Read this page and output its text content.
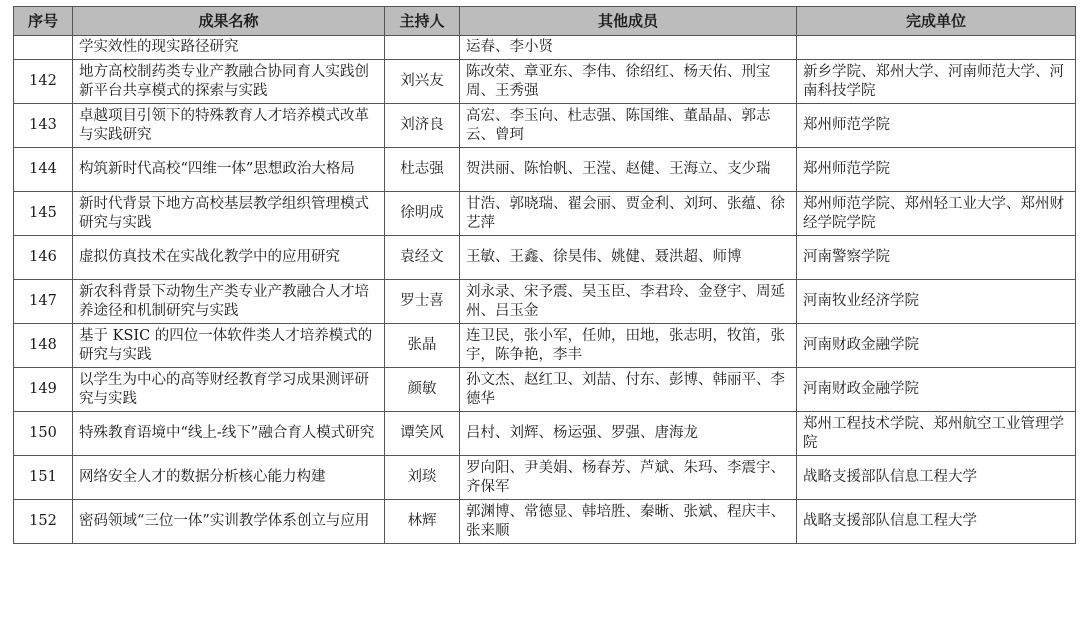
序号	成果名称	主持人	其他成员	完成单位
	学实效性的现实路径研究		运春、李小贤	
142	地方高校制药类专业产教融合协同育人实践创新平台共享模式的探索与实践	刘兴友	陈改荣、章亚东、李伟、徐绍红、杨天佑、刑宝周、王秀强	新乡学院、郑州大学、河南师范大学、河南科技学院
143	卓越项目引领下的特殊教育人才培养模式改革与实践研究	刘济良	高宏、李玉向、杜志强、陈国维、董晶晶、郭志云、曾珂	郑州师范学院
144	构筑新时代高校“四维一体”思想政治大格局	杜志强	贺洪丽、陈怡帆、王滢、赵健、王海立、支少瑞	郑州师范学院
145	新时代背景下地方高校基层教学组织管理模式研究与实践	徐明成	甘浩、郭晓瑞、翟会丽、贾金利、刘珂、张蕴、徐艺萍	郑州师范学院、郑州轻工业大学、郑州财经学院学院
146	虚拟仿真技术在实战化教学中的应用研究	袁经文	王敏、王鑫、徐昊伟、姚健、聂洪超、师博	河南警察学院
147	新农科背景下动物生产类专业产教融合人才培养途径和机制研究与实践	罗士喜	刘永录、宋予震、吴玉臣、李君玲、金登宇、周延州、吕玉金	河南牧业经济学院
148	基于 KSIC 的四位一体软件类人才培养模式的研究与实践	张晶	连卫民，张小军，任帅，田地，张志明，牧笛，张宇，陈争艳，李丰	河南财政金融学院
149	以学生为中心的高等财经教育学习成果测评研究与实践	颜敏	孙文杰、赵红卫、刘喆、付东、彭博、韩丽平、李德华	河南财政金融学院
150	特殊教育语境中“线上-线下”融合育人模式研究	谭笑风	吕村、刘辉、杨运强、罗强、唐海龙	郑州工程技术学院、郑州航空工业管理学院
151	网络安全人才的数据分析核心能力构建	刘琰	罗向阳、尹美娟、杨春芳、芦斌、朱玛、李震宇、齐保军	战略支援部队信息工程大学
152	密码领域“三位一体”实训教学体系创立与应用	林辉	郭渊博、常德显、韩培胜、秦晰、张斌、程庆丰、张来顺	战略支援部队信息工程大学
